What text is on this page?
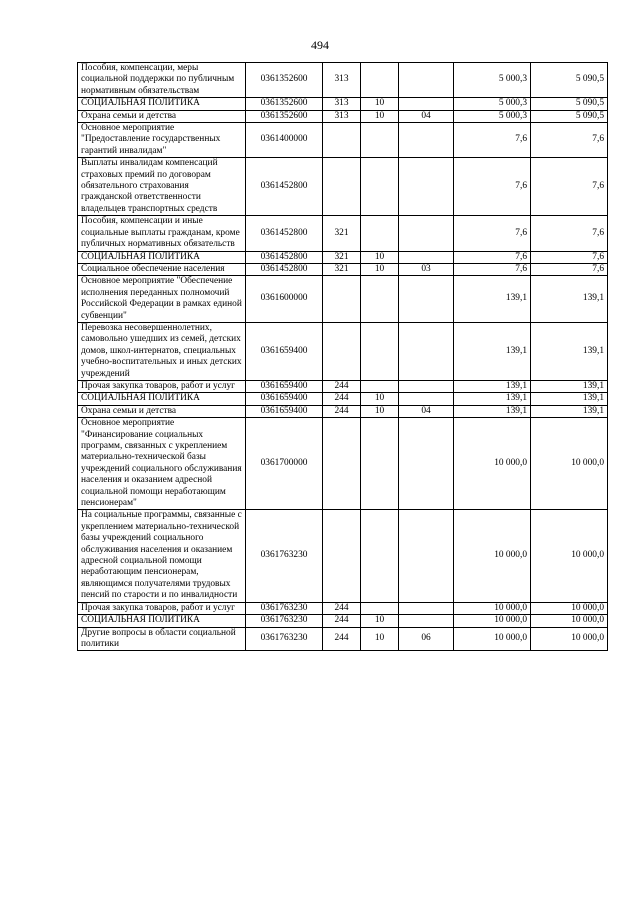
494
Пособия, компенсации, меры социальной поддержки по публичным нормативным обязательствам	0361352600	313			5 000,3	5 090,5
СОЦИАЛЬНАЯ ПОЛИТИКА	0361352600	313	10		5 000,3	5 090,5
Охрана семьи и детства	0361352600	313	10	04	5 000,3	5 090,5
Основное мероприятие "Предоставление государственных гарантий инвалидам"	0361400000				7,6	7,6
Выплаты инвалидам компенсаций страховых премий по договорам обязательного страхования гражданской ответственности владельцев транспортных средств	0361452800				7,6	7,6
Пособия, компенсации и иные социальные выплаты гражданам, кроме публичных нормативных обязательств	0361452800	321			7,6	7,6
СОЦИАЛЬНАЯ ПОЛИТИКА	0361452800	321	10		7,6	7,6
Социальное обеспечение населения	0361452800	321	10	03	7,6	7,6
Основное мероприятие "Обеспечение исполнения переданных полномочий Российской Федерации в рамках единой субвенции"	0361600000				139,1	139,1
Перевозка несовершеннолетних, самовольно ушедших из семей, детских домов, школ-интернатов, специальных учебно-воспитательных и иных детских учреждений	0361659400				139,1	139,1
Прочая закупка товаров, работ и услуг	0361659400	244			139,1	139,1
СОЦИАЛЬНАЯ ПОЛИТИКА	0361659400	244	10		139,1	139,1
Охрана семьи и детства	0361659400	244	10	04	139,1	139,1
Основное мероприятие "Финансирование социальных программ, связанных с укреплением материально-технической базы учреждений социального обслуживания населения и оказанием адресной социальной помощи неработающим пенсионерам"	0361700000				10 000,0	10 000,0
На социальные программы, связанные с укреплением материально-технической базы учреждений социального обслуживания населения и оказанием адресной социальной помощи неработающим пенсионерам, являющимся получателями трудовых пенсий по старости и по инвалидности	0361763230				10 000,0	10 000,0
Прочая закупка товаров, работ и услуг	0361763230	244			10 000,0	10 000,0
СОЦИАЛЬНАЯ ПОЛИТИКА	0361763230	244	10		10 000,0	10 000,0
Другие вопросы в области социальной политики	0361763230	244	10	06	10 000,0	10 000,0
